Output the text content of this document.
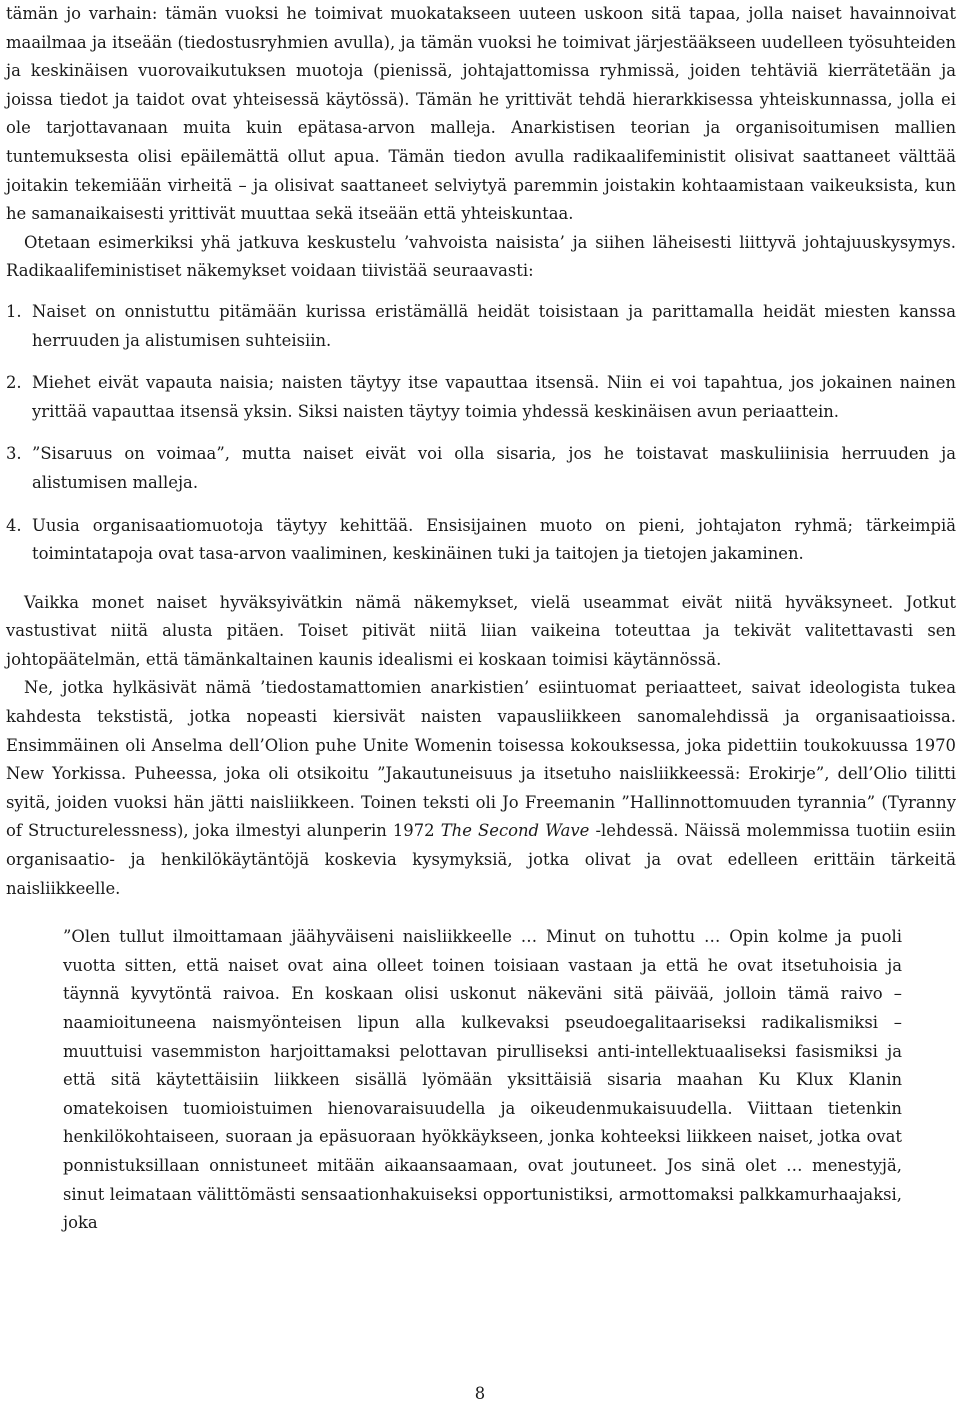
tämän jo varhain: tämän vuoksi he toimivat muokatakseen uuteen uskoon sitä tapaa, jolla naiset havainnoivat maailmaa ja itseään (tiedostusryhmien avulla), ja tämän vuoksi he toimivat järjestääkseen uudelleen työsuhteiden ja keskinäisen vuorovaikutuksen muotoja (pienissä, johtajattomissa ryhmissä, joiden tehtäviä kierrätetään ja joissa tiedot ja taidot ovat yhteisessä käytössä). Tämän he yrittivät tehdä hierarkkisessa yhteiskunnassa, jolla ei ole tarjottavanaan muita kuin epätasa-arvon malleja. Anarkistisen teorian ja organisoitumisen mallien tuntemuksesta olisi epäilemättä ollut apua. Tämän tiedon avulla radikaalifeministit olisivat saattaneet välttää joitakin tekemiään virheitä – ja olisivat saattaneet selviytyä paremmin joistakin kohtaamistaan vaikeuksista, kun he samanaikaisesti yrittivät muuttaa sekä itseään että yhteiskuntaa.

Otetaan esimerkiksi yhä jatkuva keskustelu ’vahvoista naisista’ ja siihen läheisesti liittyvä johtajuuskysymys. Radikaalifeministiset näkemykset voidaan tiivistää seuraavasti:

1. Naiset on onnistuttu pitämään kurissa eristämällä heidät toisistaan ja parittamalla heidät miesten kanssa herruuden ja alistumisen suhteisiin.
2. Miehet eivät vapauta naisia; naisten täytyy itse vapauttaa itsensä. Niin ei voi tapahtua, jos jokainen nainen yrittää vapauttaa itsensä yksin. Siksi naisten täytyy toimia yhdessä keskinäisen avun periaattein.
3. ”Sisaruus on voimaa”, mutta naiset eivät voi olla sisaria, jos he toistavat maskuliinisia herruuden ja alistumisen malleja.
4. Uusia organisaatiomuotoja täytyy kehittää. Ensisijainen muoto on pieni, johtajaton ryhmä; tärkeimpiä toimintatapoja ovat tasa-arvon vaaliminen, keskinäinen tuki ja taitojen ja tietojen jakaminen.

Vaikka monet naiset hyväksyivätkin nämä näkemykset, vielä useammat eivät niitä hyväksyneet. Jotkut vastustivat niitä alusta pitäen. Toiset pitivät niitä liian vaikeina toteuttaa ja tekivät valitettavasti sen johtopäätelmän, että tämänkaltainen kaunis idealismi ei koskaan toimisi käytännössä.

Ne, jotka hylkäsivät nämä ’tiedostamattomien anarkistien’ esiintuomat periaatteet, saivat ideologista tukea kahdesta tekstistä, jotka nopeasti kiersivät naisten vapausliikkeen sanomalehdissä ja organisaatioissa. Ensimmäinen oli Anselma dell’Olion puhe Unite Womenin toisessa kokouksessa, joka pidettiin toukokuussa 1970 New Yorkissa. Puheessa, joka oli otsikoitu ”Jakautuneisuus ja itsetuho naisliikkeessä: Erokirje”, dell’Olio tilitti syitä, joiden vuoksi hän jätti naisliikkeen. Toinen teksti oli Jo Freemanin ”Hallinnottomuuden tyrannia” (Tyranny of Structurelessness), joka ilmestyi alunperin 1972 The Second Wave -lehdessä. Näissä molemmissa tuotiin esiin organisaatio- ja henkilökäytäntöjä koskevia kysymyksiä, jotka olivat ja ovat edelleen erittäin tärkeitä naisliikkeelle.

”Olen tullut ilmoittamaan jäähyväiseni naisliikkeelle … Minut on tuhottu … Opin kolme ja puoli vuotta sitten, että naiset ovat aina olleet toinen toisiaan vastaan ja että he ovat itsetuhoisia ja täynnä kyvytöntä raivoa. En koskaan olisi uskonut näkeväni sitä päivää, jolloin tämä raivo – naamioituneena naismyönteisen lipun alla kulkevaksi pseudoegalitaariseksi radikalismiksi – muuttuisi vasemmiston harjoittamaksi pelottavan pirulliseksi anti-intellektuaaliseksi fasismiksi ja että sitä käytettäisiin liikkeen sisällä lyömään yksittäisiä sisaria maahan Ku Klux Klanin omatekoisen tuomioistuimen hienovaraisuudella ja oikeudenmukaisuudella. Viittaan tietenkin henkilökohtaiseen, suoraan ja epäsuoraan hyökkäykseen, jonka kohteeksi liikkeen naiset, jotka ovat ponnistuksillaan onnistuneet mitään aikaansaamaan, ovat joutuneet. Jos sinä olet … menestyjä, sinut leimataan välittömästi sensaationhakuiseksi opportunistiksi, armottomaksi palkkamurhaajaksi, joka

8
